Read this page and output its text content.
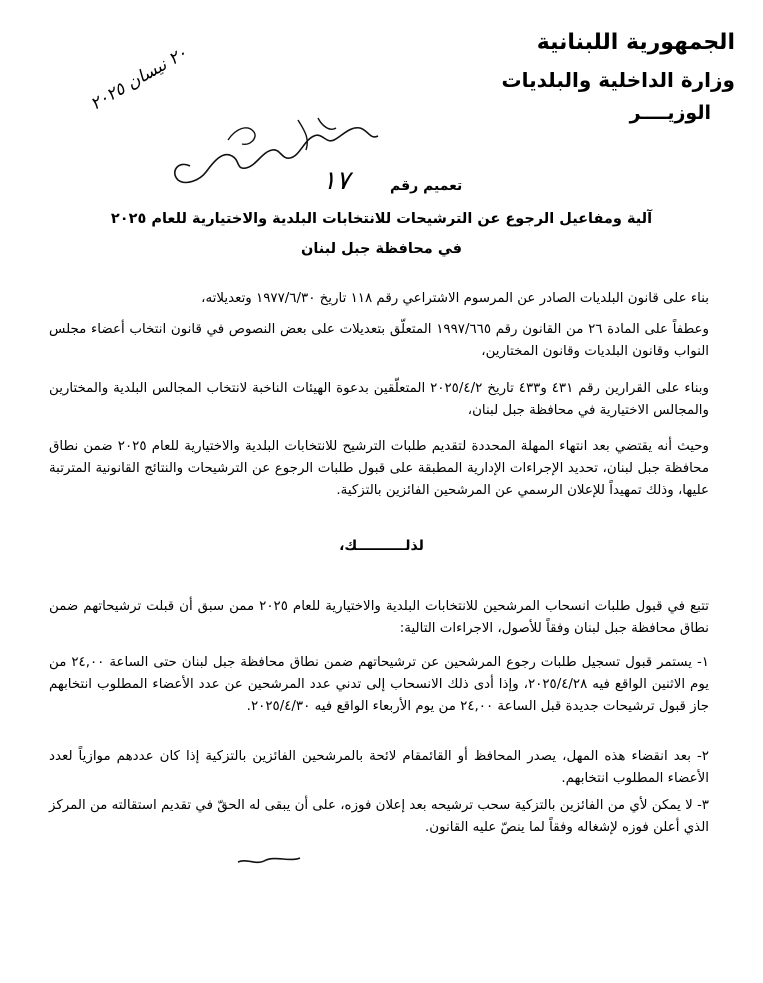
الجمهورية اللبنانية
وزارة الداخلية والبلديات
الوزيــــر
٢٠ نيسان ٢٠٢٥
تعميم رقم
١٧
آلية ومفاعيل الرجوع عن الترشيحات للانتخابات البلدية والاختيارية للعام ٢٠٢٥
في محافظة جبل لبنان
بناء على قانون البلديات الصادر عن المرسوم الاشتراعي رقم ١١٨ تاريخ ١٩٧٧/٦/٣٠ وتعديلاته،
وعطفاً على المادة ٢٦ من القانون رقم ١٩٩٧/٦٦٥ المتعلّق بتعديلات على بعض النصوص في قانون انتخاب أعضاء مجلس النواب وقانون البلديات وقانون المختارين،
وبناء على القرارين رقم ٤٣١ و٤٣٣ تاريخ ٢٠٢٥/٤/٢ المتعلّقين بدعوة الهيئات الناخبة لانتخاب المجالس البلدية والمختارين والمجالس الاختيارية في محافظة جبل لبنان،
وحيث أنه يقتضي بعد انتهاء المهلة المحددة لتقديم طلبات الترشيح للانتخابات البلدية والاختيارية للعام ٢٠٢٥ ضمن نطاق محافظة جبل لبنان، تحديد الإجراءات الإدارية المطبقة على قبول طلبات الرجوع عن الترشيحات والنتائج القانونية المترتبة عليها، وذلك تمهيداً للإعلان الرسمي عن المرشحين الفائزين بالتزكية.
لذلــــــــــك،
تتبع في قبول طلبات انسحاب المرشحين للانتخابات البلدية والاختيارية للعام ٢٠٢٥ ممن سبق أن قبلت ترشيحاتهم ضمن نطاق محافظة جبل لبنان وفقاً للأصول، الاجراءات التالية:
١- يستمر قبول تسجيل طلبات رجوع المرشحين عن ترشيحاتهم ضمن نطاق محافظة جبل لبنان حتى الساعة ٢٤,٠٠ من يوم الاثنين الواقع فيه ٢٠٢٥/٤/٢٨، وإذا أدى ذلك الانسحاب إلى تدني عدد المرشحين عن عدد الأعضاء المطلوب انتخابهم جاز قبول ترشيحات جديدة قبل الساعة ٢٤,٠٠ من يوم الأربعاء الواقع فيه ٢٠٢٥/٤/٣٠.
٢- بعد انقضاء هذه المهل، يصدر المحافظ أو القائمقام لائحة بالمرشحين الفائزين بالتزكية إذا كان عددهم موازياً لعدد الأعضاء المطلوب انتخابهم.
٣- لا يمكن لأي من الفائزين بالتزكية سحب ترشيحه بعد إعلان فوزه، على أن يبقى له الحقّ في تقديم استقالته من المركز الذي أعلن فوزه لإشغاله وفقاً لما ينصّ عليه القانون.
